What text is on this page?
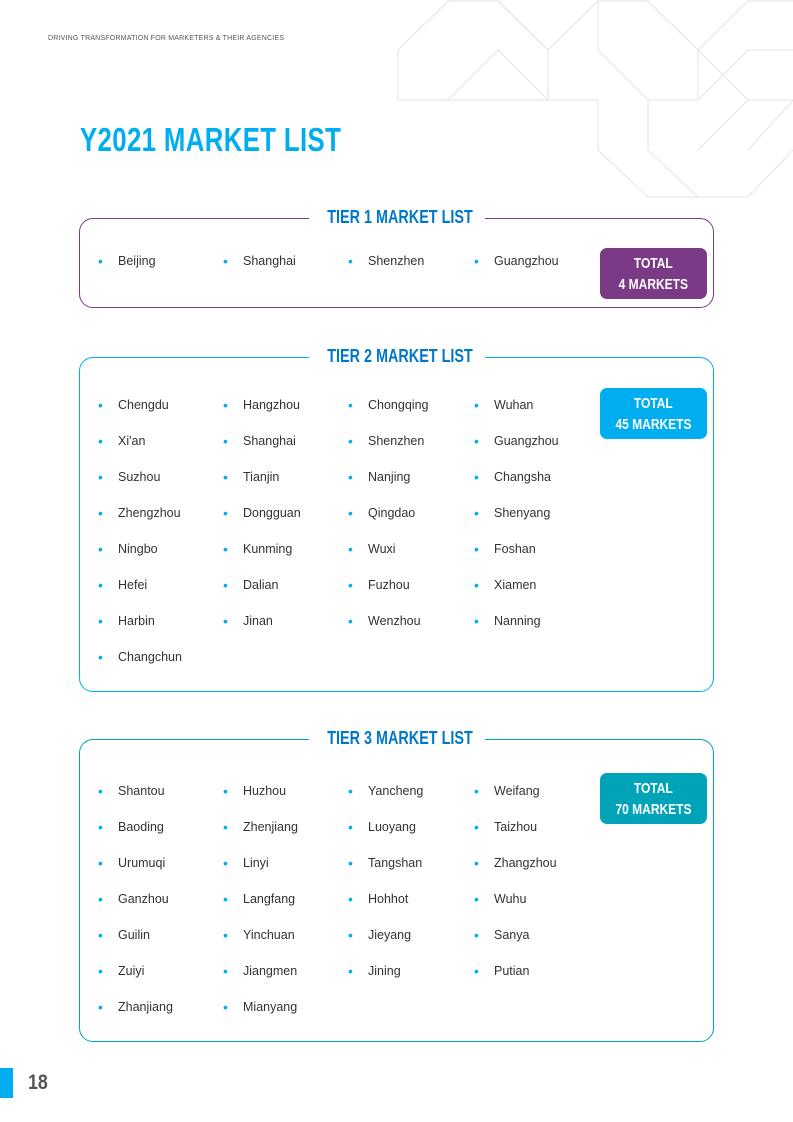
DRIVING TRANSFORMATION FOR MARKETERS & THEIR AGENCIES
Y2021 MARKET LIST
TIER 1 MARKET LIST
• Beijing	• Shanghai	• Shenzhen	• Guangzhou	TOTAL
4 MARKETS
TIER 2 MARKET LIST
TOTAL
45 MARKETS
• Chengdu	• Hangzhou	• Chongqing	• Wuhan
• Xi'an	• Shanghai	• Shenzhen	• Guangzhou
• Suzhou	• Tianjin	• Nanjing	• Changsha
• Zhengzhou	• Dongguan	• Qingdao	• Shenyang
• Ningbo	• Kunming	• Wuxi	• Foshan
• Hefei	• Dalian	• Fuzhou	• Xiamen
• Harbin	• Jinan	• Wenzhou	• Nanning
• Changchun
TIER 3 MARKET LIST
TOTAL
70 MARKETS
• Shantou	• Huzhou	• Yancheng	• Weifang
• Baoding	• Zhenjiang	• Luoyang	• Taizhou
• Urumuqi	• Linyi	• Tangshan	• Zhangzhou
• Ganzhou	• Langfang	• Hohhot	• Wuhu
• Guilin	• Yinchuan	• Jieyang	• Sanya
• Zuiyi	• Jiangmen	• Jining	• Putian
• Zhanjiang	• Mianyang
18
